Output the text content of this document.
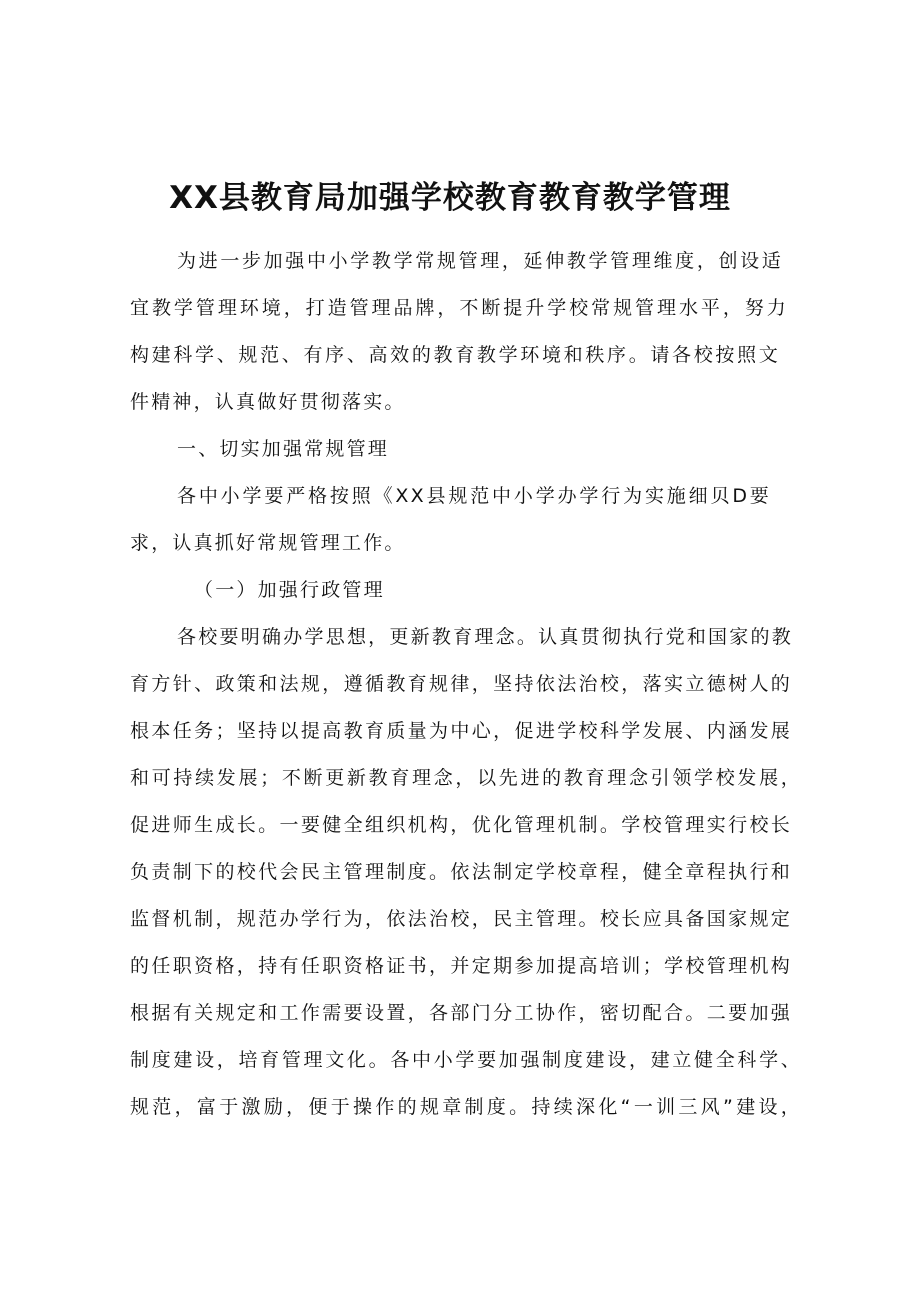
XX县教育局加强学校教育教育教学管理
为进一步加强中小学教学常规管理，延伸教学管理维度，创设适
宜教学管理环境，打造管理品牌，不断提升学校常规管理水平，努力
构建科学、规范、有序、高效的教育教学环境和秩序。请各校按照文
件精神，认真做好贯彻落实。
一、切实加强常规管理
各中小学要严格按照《XX县规范中小学办学行为实施细贝D要
求，认真抓好常规管理工作。
（一）加强行政管理
各校要明确办学思想，更新教育理念。认真贯彻执行党和国家的教
育方针、政策和法规，遵循教育规律，坚持依法治校，落实立德树人的
根本任务；坚持以提高教育质量为中心，促进学校科学发展、内涵发展
和可持续发展；不断更新教育理念，以先进的教育理念引领学校发展，
促进师生成长。一要健全组织机构，优化管理机制。学校管理实行校长
负责制下的校代会民主管理制度。依法制定学校章程，健全章程执行和
监督机制，规范办学行为，依法治校，民主管理。校长应具备国家规定
的任职资格，持有任职资格证书，并定期参加提高培训；学校管理机构
根据有关规定和工作需要设置，各部门分工协作，密切配合。二要加强
制度建设，培育管理文化。各中小学要加强制度建设，建立健全科学、
规范，富于激励，便于操作的规章制度。持续深化“一训三风”建设，
